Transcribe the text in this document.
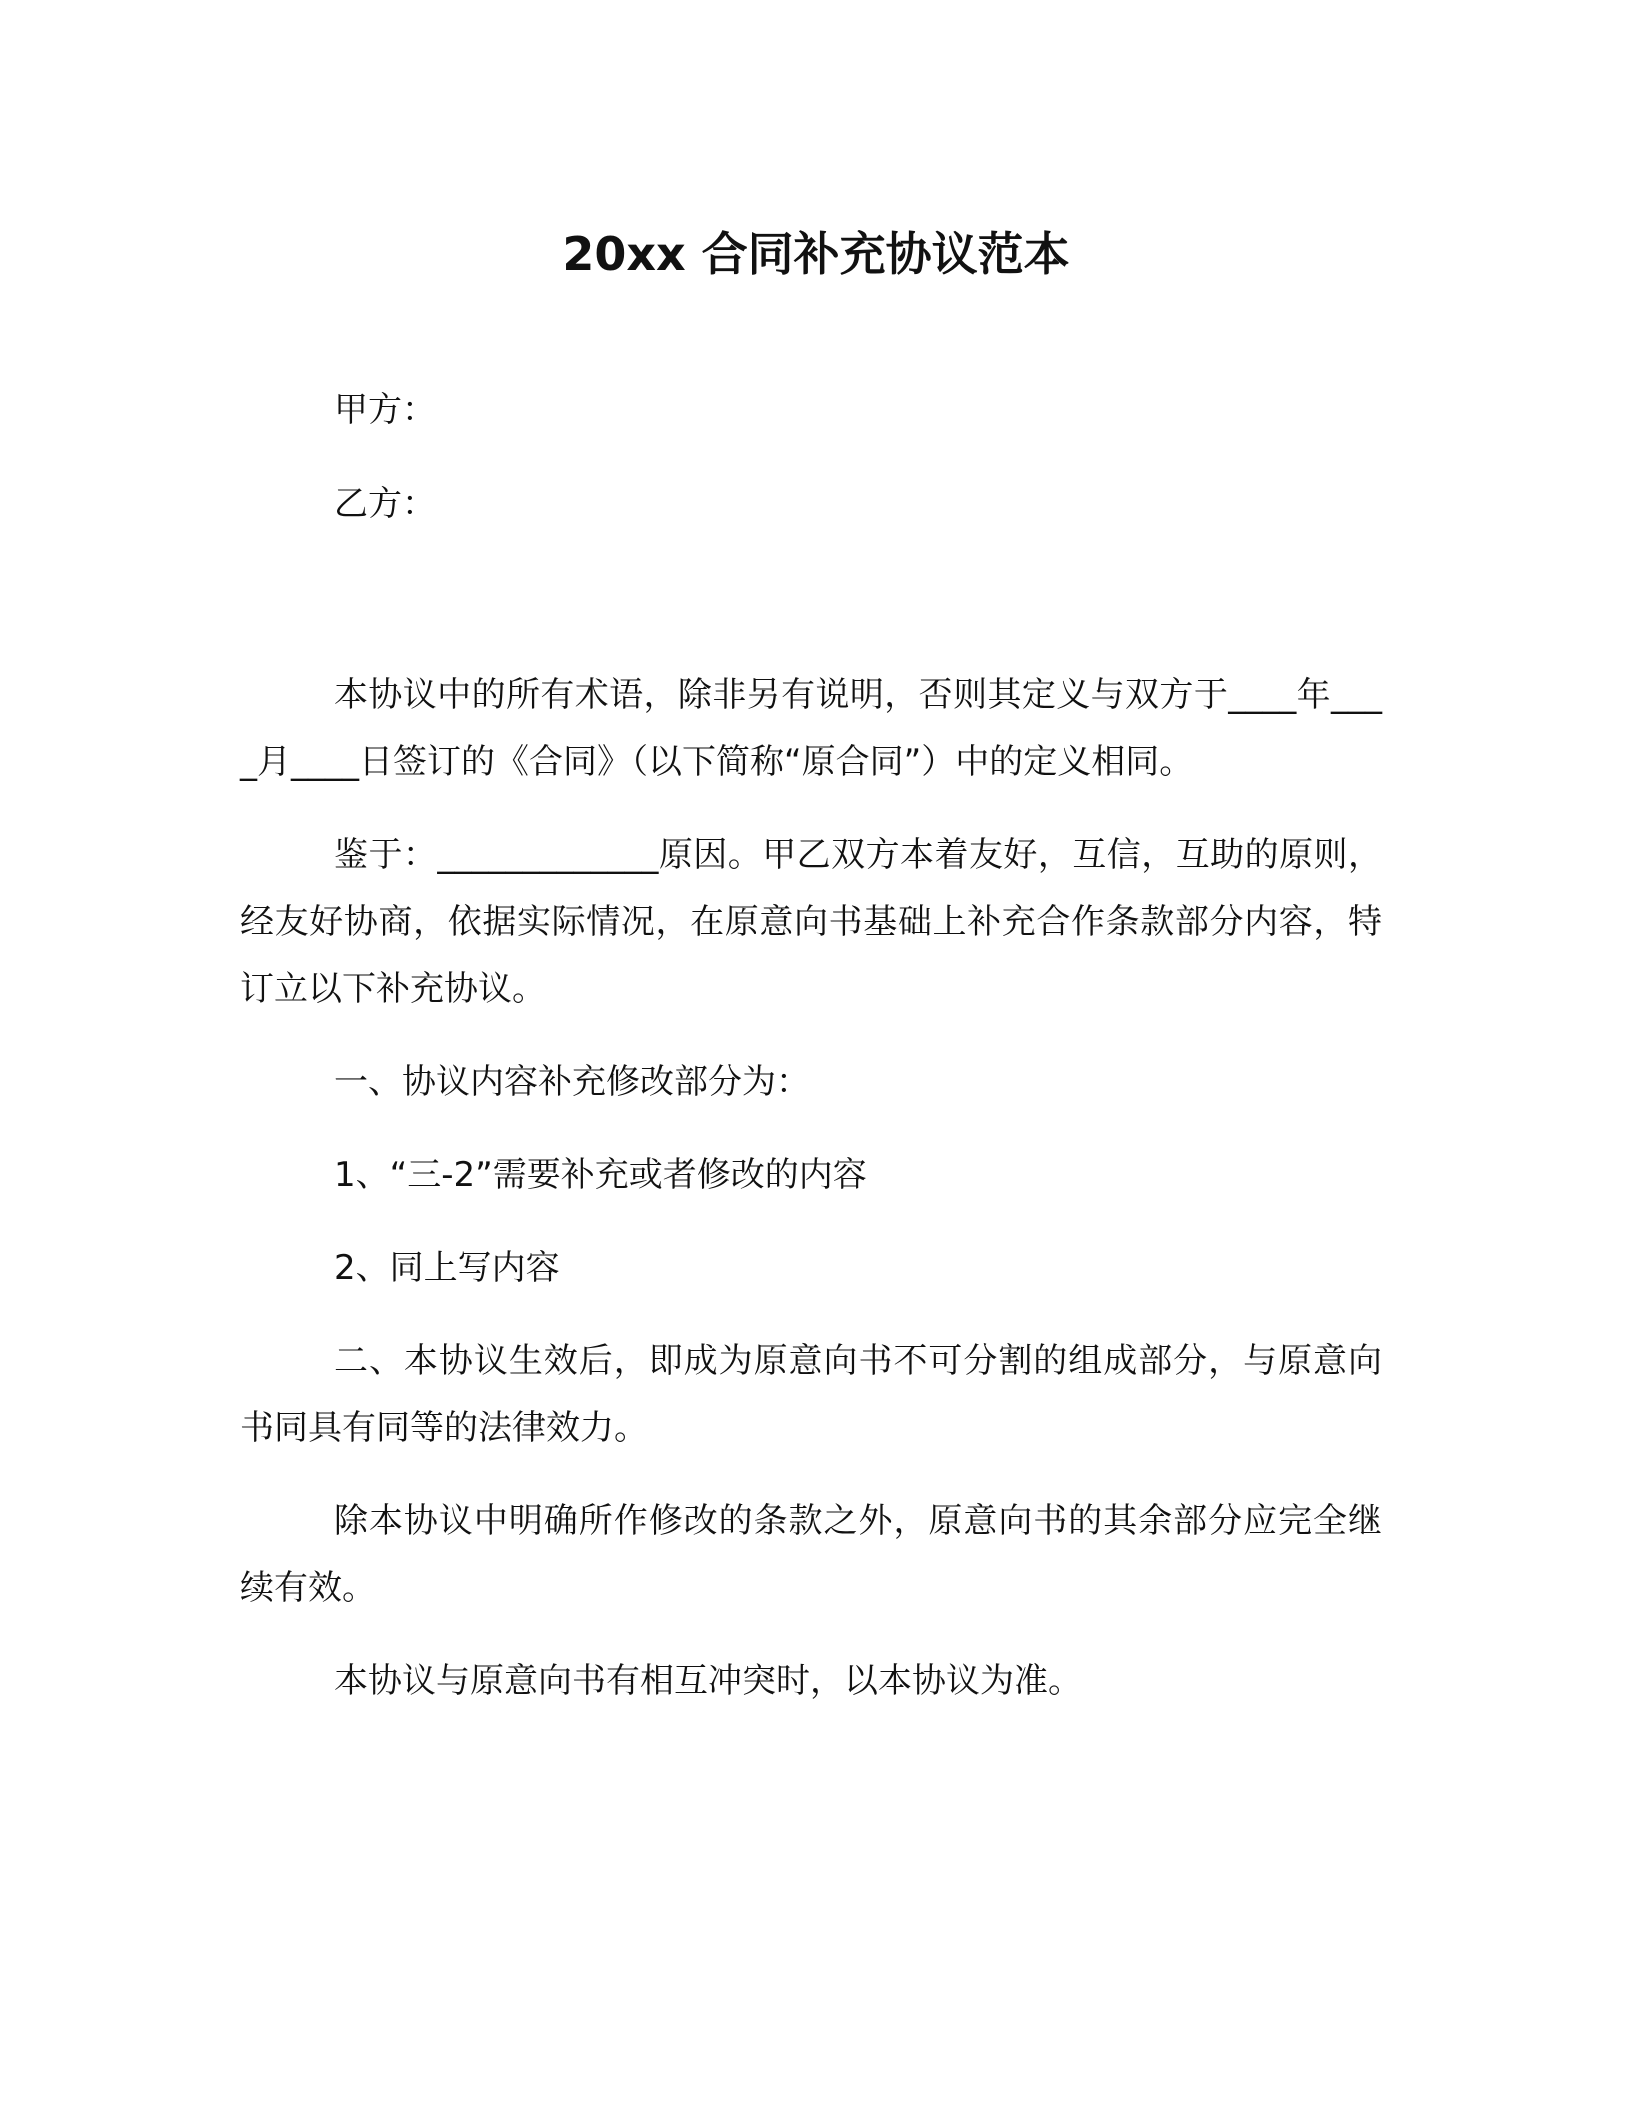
20xx 合同补充协议范本

甲方：

乙方：

本协议中的所有术语，除非另有说明，否则其定义与双方于____年____月____日签订的《合同》（以下简称“原合同”）中的定义相同。

鉴于：_____________原因。甲乙双方本着友好，互信，互助的原则，经友好协商，依据实际情况，在原意向书基础上补充合作条款部分内容，特订立以下补充协议。

一、协议内容补充修改部分为：

1、“三-2”需要补充或者修改的内容

2、同上写内容

二、本协议生效后，即成为原意向书不可分割的组成部分，与原意向书同具有同等的法律效力。

除本协议中明确所作修改的条款之外，原意向书的其余部分应完全继续有效。

本协议与原意向书有相互冲突时，以本协议为准。
